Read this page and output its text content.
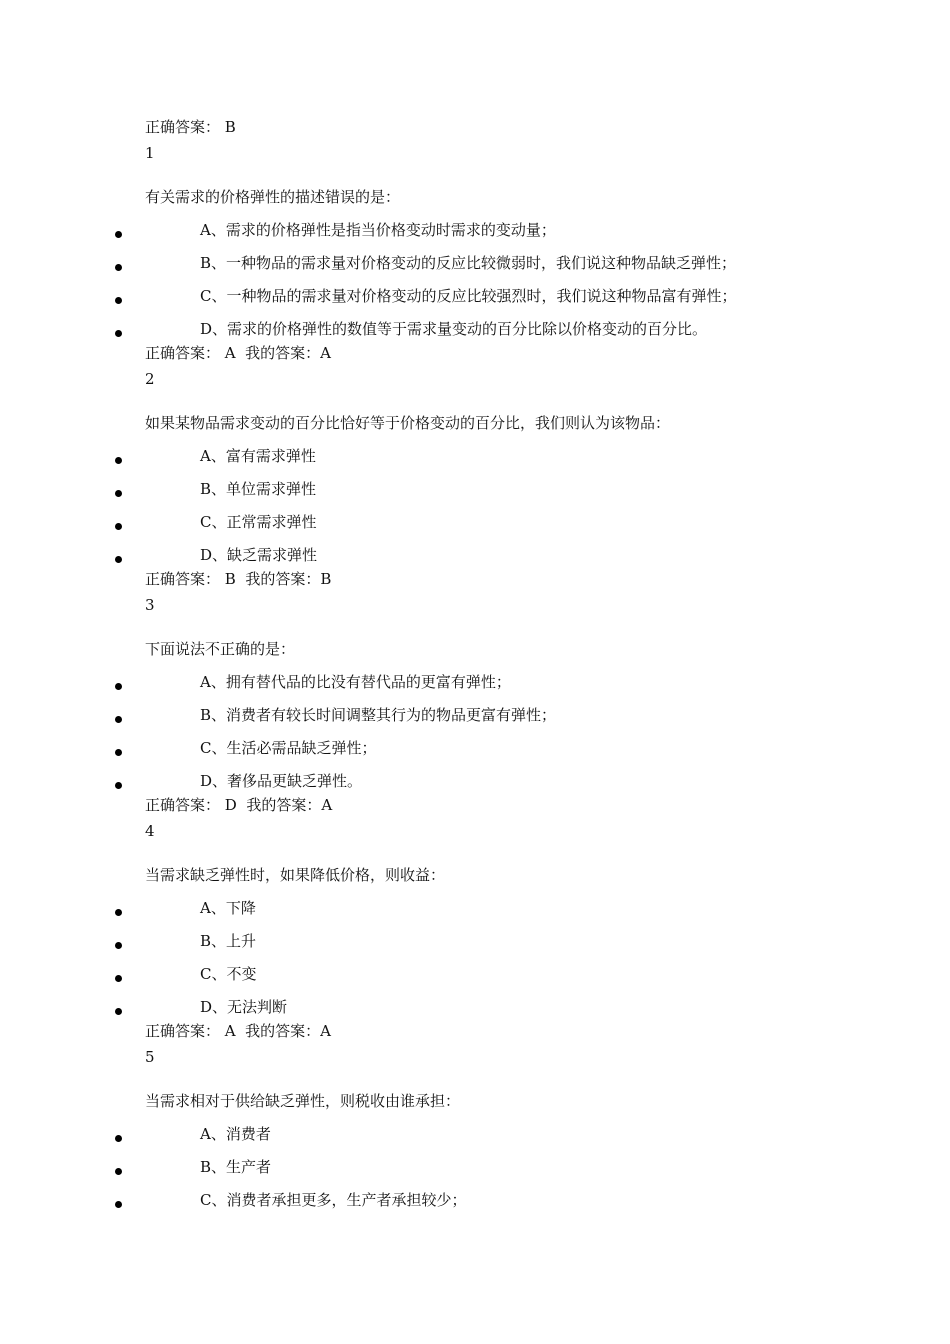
正确答案： B
1
有关需求的价格弹性的描述错误的是：
A、需求的价格弹性是指当价格变动时需求的变动量；
B、一种物品的需求量对价格变动的反应比较微弱时，我们说这种物品缺乏弹性；
C、一种物品的需求量对价格变动的反应比较强烈时，我们说这种物品富有弹性；
D、需求的价格弹性的数值等于需求量变动的百分比除以价格变动的百分比。
正确答案： A  我的答案：A
2
如果某物品需求变动的百分比恰好等于价格变动的百分比，我们则认为该物品：
A、富有需求弹性
B、单位需求弹性
C、正常需求弹性
D、缺乏需求弹性
正确答案： B  我的答案：B
3
下面说法不正确的是：
A、拥有替代品的比没有替代品的更富有弹性；
B、消费者有较长时间调整其行为的物品更富有弹性；
C、生活必需品缺乏弹性；
D、奢侈品更缺乏弹性。
正确答案： D  我的答案：A
4
当需求缺乏弹性时，如果降低价格，则收益：
A、下降
B、上升
C、不变
D、无法判断
正确答案： A  我的答案：A
5
当需求相对于供给缺乏弹性，则税收由谁承担：
A、消费者
B、生产者
C、消费者承担更多，生产者承担较少；
